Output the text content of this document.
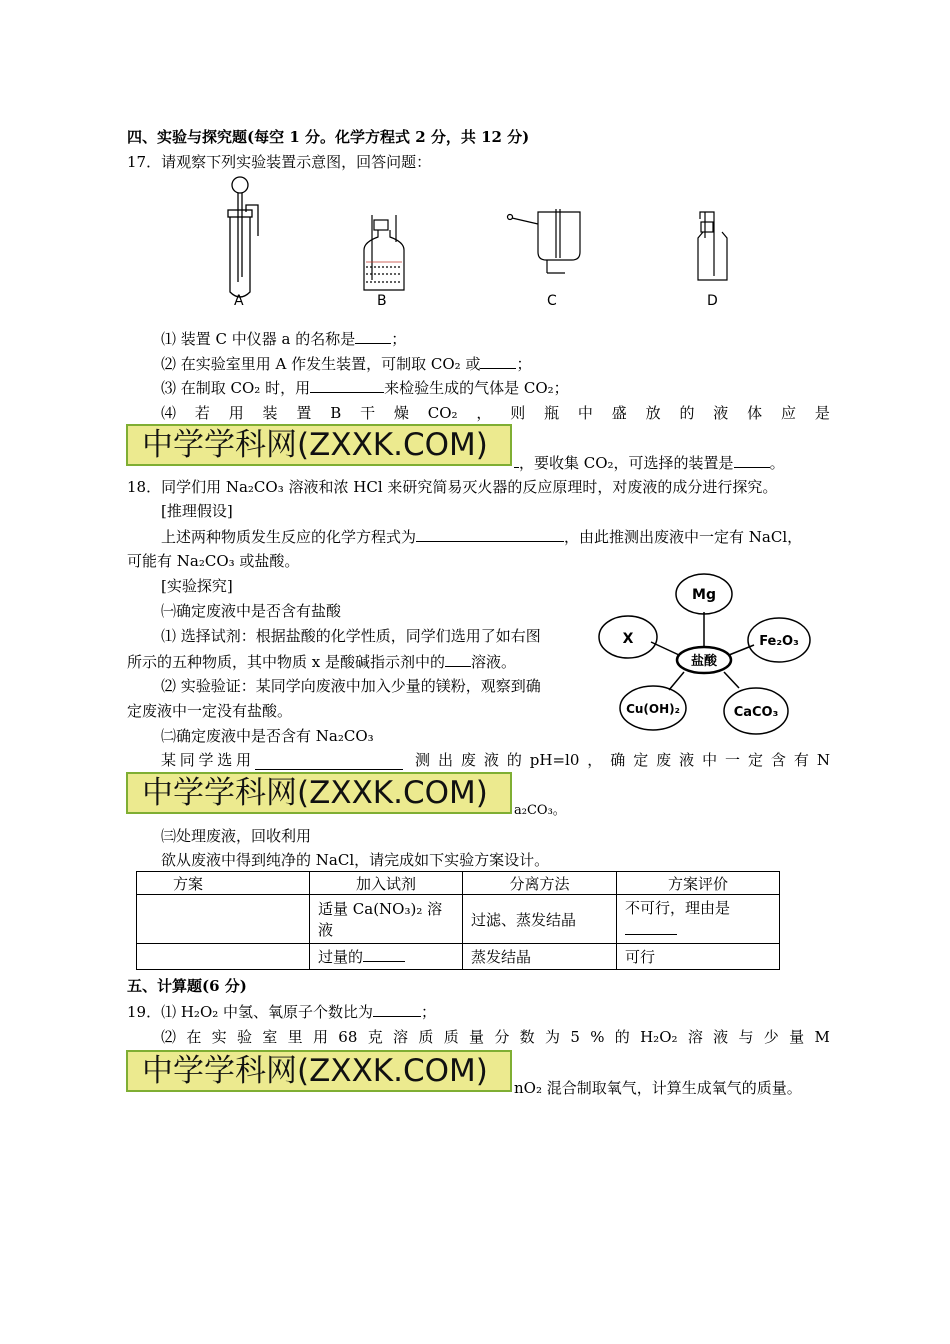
四、实验与探究题(每空 1 分。化学方程式 2 分，共 12 分)
17．请观察下列实验装置示意图，回答问题：
A	B	C	D
⑴ 装置 C 中仪器 a 的名称是 ；
⑵ 在实验室里用 A 作发生装置，可制取 CO₂ 或 ；
⑶ 在制取 CO₂ 时，用	来检验生成的气体是 CO₂；
⑷ 若 用 装 置 B 干 燥 CO₂ ， 则 瓶 中 盛 放 的 液 体 应 是
，要收集 CO₂，可选择的装置是 。
中学学科网(ZXXK.COM)
18．同学们用 Na₂CO₃ 溶液和浓 HCl 来研究简易灭火器的反应原理时，对废液的成分进行探究。
[推理假设]
上述两种物质发生反应的化学方程式为	，由此推测出废液中一定有 NaCl，
可能有 Na₂CO₃ 或盐酸。
[实验探究]
㈠确定废液中是否含有盐酸
⑴ 选择试剂：根据盐酸的化学性质，同学们选用了如右图
所示的五种物质，其中物质 x 是酸碱指示剂中的 溶液。
⑵ 实验验证：某同学向废液中加入少量的镁粉，观察到确
定废液中一定没有盐酸。
㈡确定废液中是否含有 Na₂CO₃
Mg
X	Fe₂O₃
Cu(OH)₂	CaCO₃
盐酸
某 同 学 选 用	测 出 废 液 的 pH=l0 ， 确 定 废 液 中 一 定 含 有 N
中学学科网(ZXXK.COM)	a₂CO₃。
㈢处理废液，回收利用
欲从废液中得到纯净的 NaCl，请完成如下实验方案设计。
方案	加入试剂	分离方法	方案评价
	适量 Ca(NO₃)₂ 溶液	过滤、蒸发结晶	不可行，理由是

	过量的	蒸发结晶	可行
五、计算题(6 分)
19．⑴ H₂O₂ 中氢、氧原子个数比为	；
⑵ 在 实 验 室 里 用 68 克 溶 质 质 量 分 数 为 5 % 的 H₂O₂ 溶 液 与 少 量 M
中学学科网(ZXXK.COM)	nO₂ 混合制取氧气，计算生成氧气的质量。
